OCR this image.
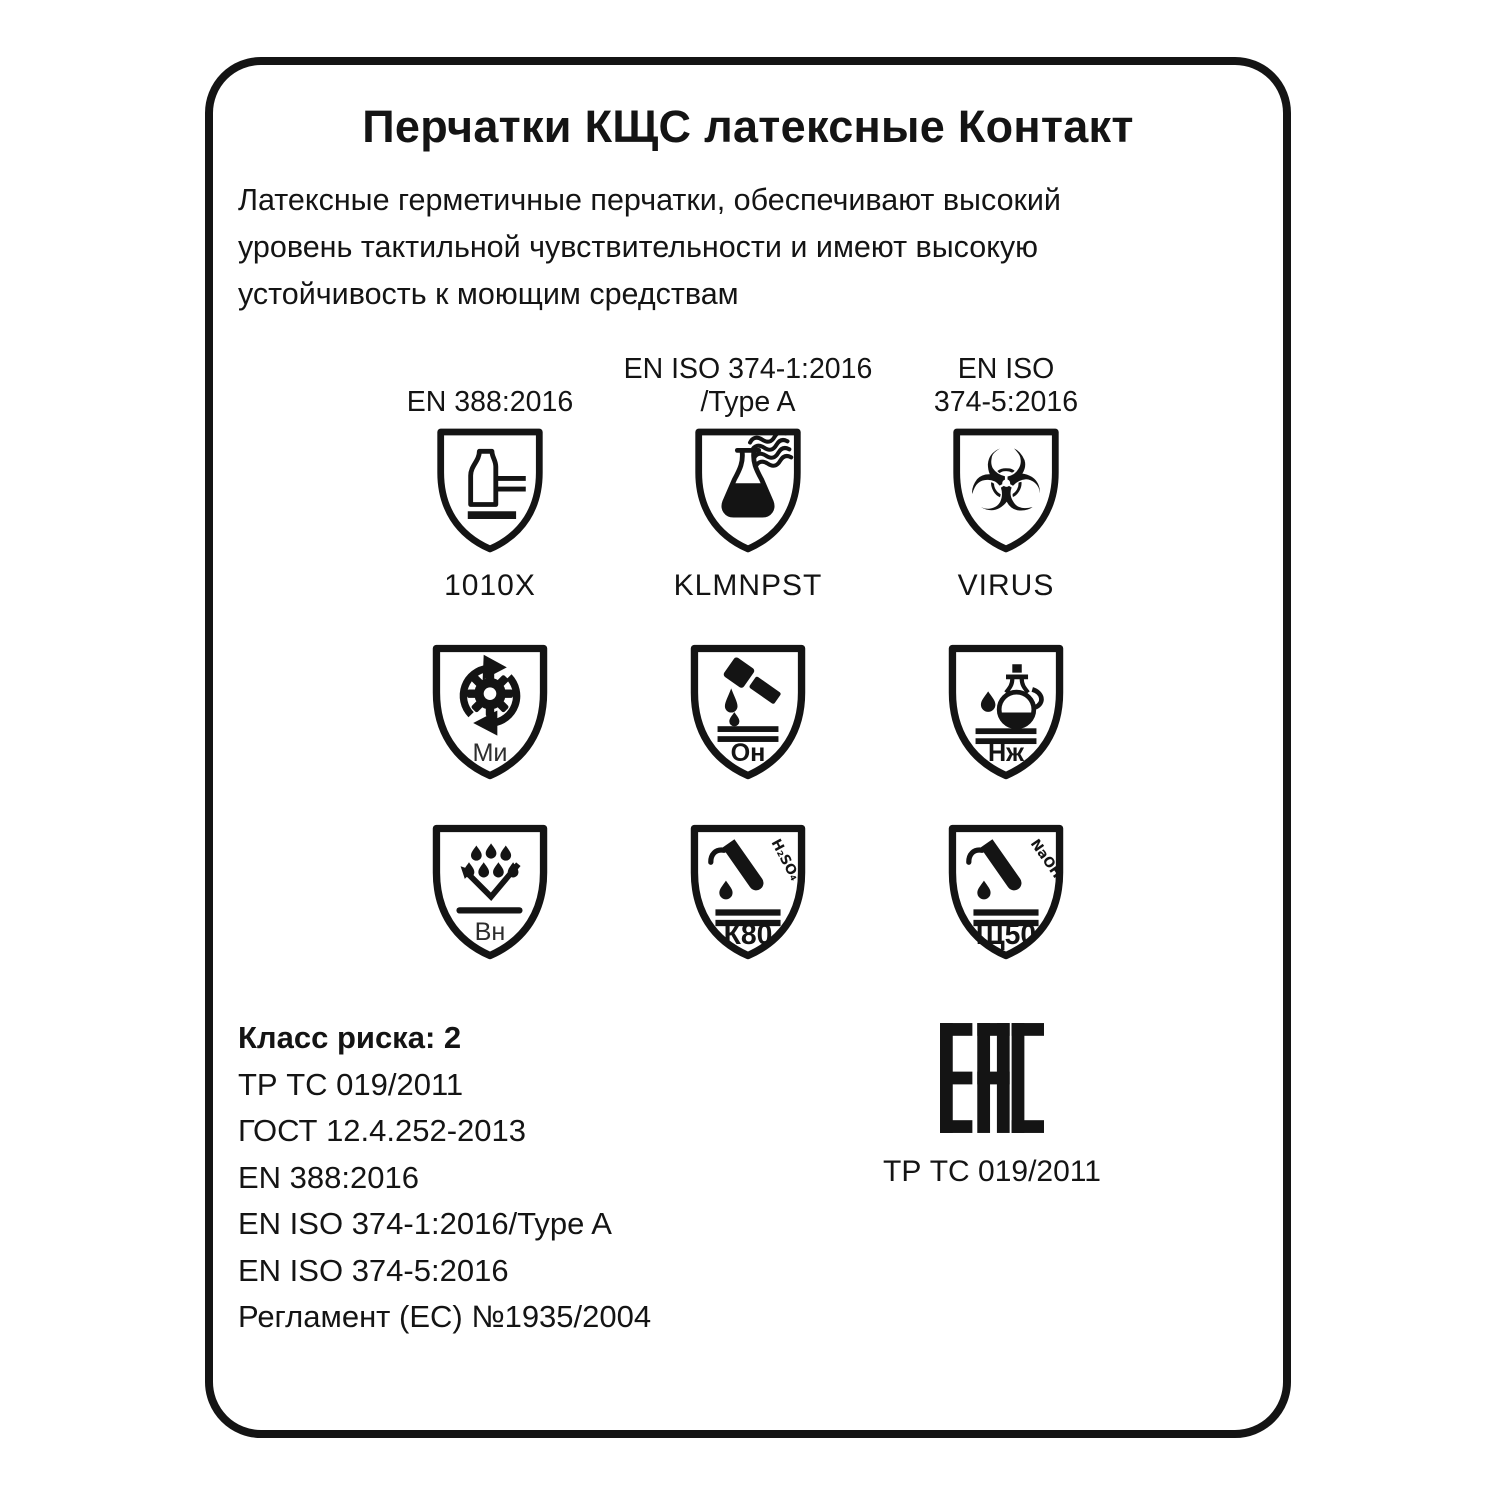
Перчатки КЩС латексные Контакт
Латексные герметичные перчатки, обеспечивают высокий
уровень тактильной чувствительности и имеют высокую
устойчивость к моющим средствам
EN 388:2016
1010X
EN ISO 374-1:2016
/Type A
KLMNPST
EN ISO
374-5:2016
☣
VIRUS
Ми	Он	Нж
Вн
H₂SO₄
К80
NaOH
Щ50
Класс риска: 2
ТР ТС 019/2011
ГОСТ 12.4.252-2013
EN 388:2016
EN ISO 374-1:2016/Type A
EN ISO 374-5:2016
Регламент (ЕС) №1935/2004
ТР ТС 019/2011
